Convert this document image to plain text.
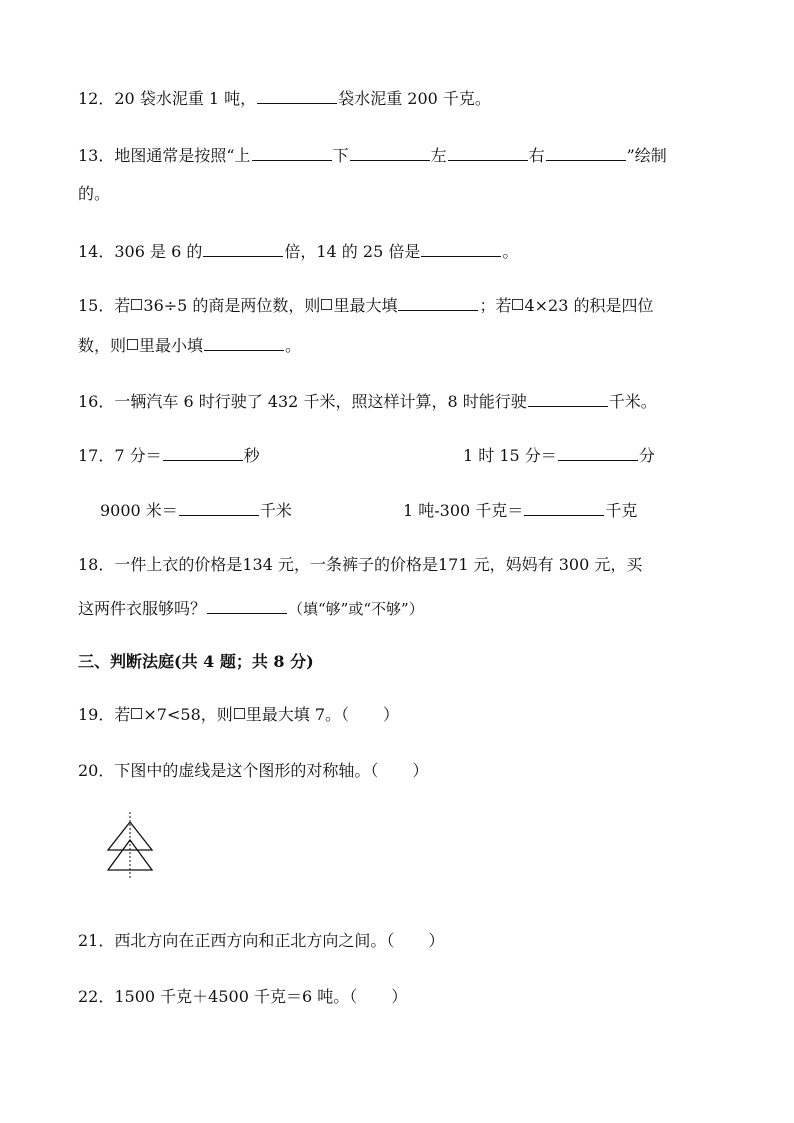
12．20 袋水泥重 1 吨，	袋水泥重 200 千克。
13．地图通常是按照“上	下	左	右	”绘制
的。
14．306 是 6 的	倍，14 的 25 倍是	。
15．若 36÷5 的商是两位数，则 里最大填	；若 4×23 的积是四位
数，则 里最小填	。
16．一辆汽车 6 时行驶了 432 千米，照这样计算，8 时能行驶	千米。
17．7 分＝	秒	1 时 15 分＝	分
9000 米＝	千米	1 吨-300 千克＝	千克
18．一件上衣的价格是134 元，一条裤子的价格是171 元，妈妈有 300 元，买
这两件衣服够吗？	（填“够”或“不够”）
三、判断法庭(共 4 题；共 8 分)
19．若 ×7<58，则 里最大填 7。（ ）
20．下图中的虚线是这个图形的对称轴。（ ）
21．西北方向在正西方向和正北方向之间。（ ）
22．1500 千克＋4500 千克＝6 吨。（ ）
